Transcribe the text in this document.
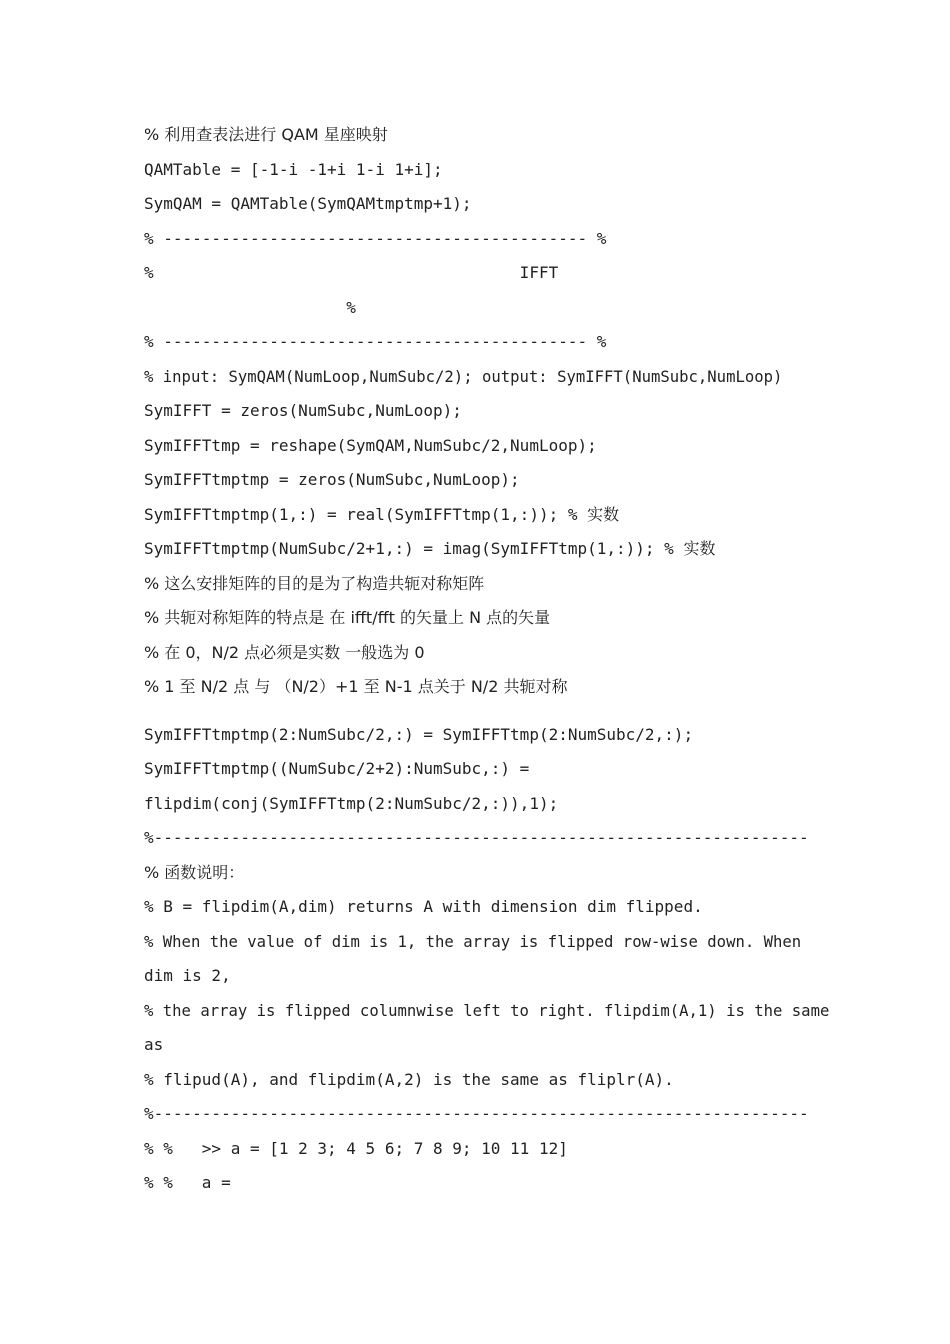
% 利用查表法进行 QAM 星座映射
QAMTable = [-1-i -1+i 1-i 1+i];
SymQAM = QAMTable(SymQAMtmptmp+1);
% -------------------------------------------- %
%                                      IFFT
%
% -------------------------------------------- %
% input: SymQAM(NumLoop,NumSubc/2); output: SymIFFT(NumSubc,NumLoop)
SymIFFT = zeros(NumSubc,NumLoop);
SymIFFTtmp = reshape(SymQAM,NumSubc/2,NumLoop);
SymIFFTtmptmp = zeros(NumSubc,NumLoop);
SymIFFTtmptmp(1,:) = real(SymIFFTtmp(1,:)); % 实数
SymIFFTtmptmp(NumSubc/2+1,:) = imag(SymIFFTtmp(1,:)); % 实数
% 这么安排矩阵的目的是为了构造共轭对称矩阵
% 共轭对称矩阵的特点是 在 ifft/fft 的矢量上 N 点的矢量
% 在 0，N/2 点必须是实数 一般选为 0
% 1 至 N/2 点 与 （N/2）+1 至 N-1 点关于 N/2 共轭对称
SymIFFTtmptmp(2:NumSubc/2,:) = SymIFFTtmp(2:NumSubc/2,:);
SymIFFTtmptmp((NumSubc/2+2):NumSubc,:) =
flipdim(conj(SymIFFTtmp(2:NumSubc/2,:)),1);
%--------------------------------------------------------------------
% 函数说明：
% B = flipdim(A,dim) returns A with dimension dim flipped.
% When the value of dim is 1, the array is flipped row-wise down. When
dim is 2,
% the array is flipped columnwise left to right. flipdim(A,1) is the same
as
% flipud(A), and flipdim(A,2) is the same as fliplr(A).
%--------------------------------------------------------------------
% %   >> a = [1 2 3; 4 5 6; 7 8 9; 10 11 12]
% %   a =
